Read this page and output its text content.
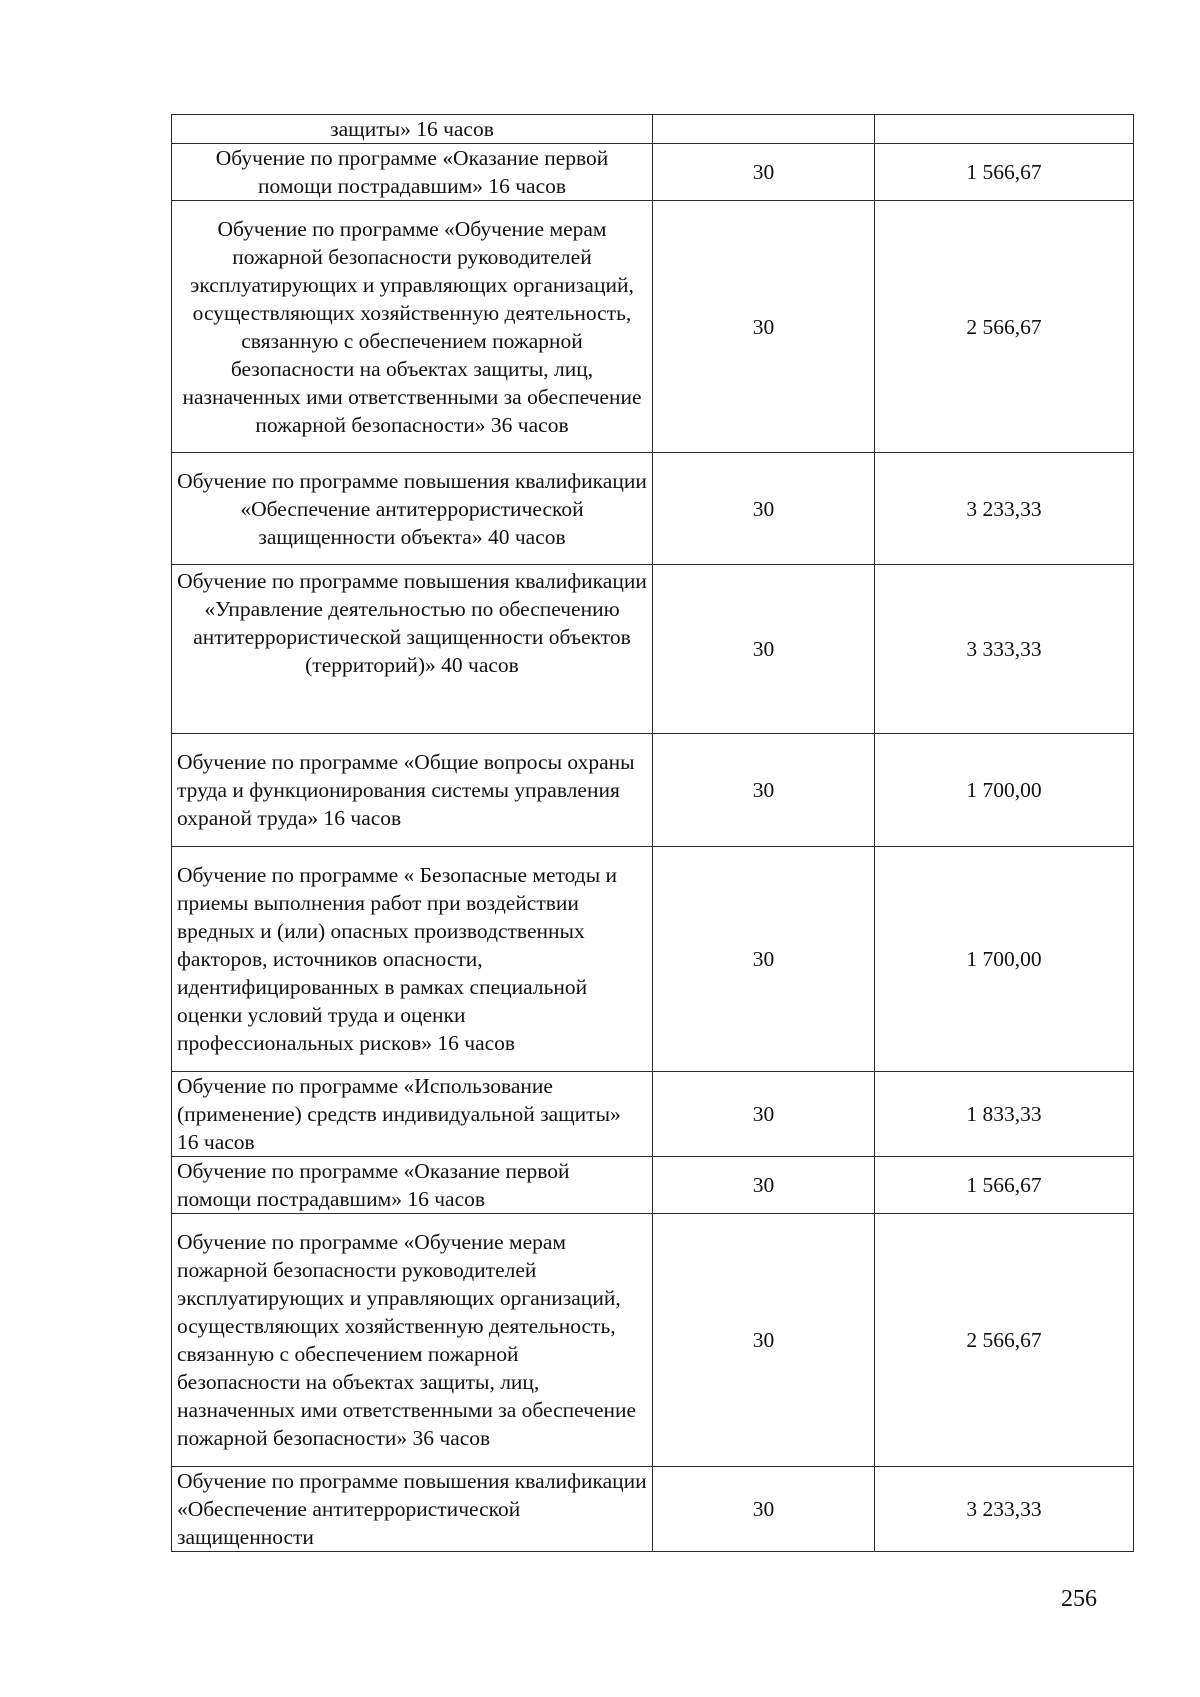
защиты» 16 часов		
Обучение по программе «Оказание первой помощи пострадавшим» 16 часов	30	1 566,67
Обучение по программе «Обучение мерам пожарной безопасности руководителей эксплуатирующих и управляющих организаций, осуществляющих хозяйственную деятельность, связанную с обеспечением пожарной безопасности на объектах защиты, лиц, назначенных ими ответственными за обеспечение пожарной безопасности» 36 часов	30	2 566,67
Обучение по программе повышения квалификации «Обеспечение антитеррористической защищенности объекта» 40 часов	30	3 233,33
Обучение по программе повышения квалификации «Управление деятельностью по обеспечению антитеррористической защищенности объектов (территорий)» 40 часов	30	3 333,33
Обучение по программе «Общие вопросы охраны труда и функционирования системы управления охраной труда» 16 часов	30	1 700,00
Обучение по программе « Безопасные методы и приемы выполнения работ при воздействии вредных и (или) опасных производственных факторов, источников опасности, идентифицированных в рамках специальной оценки условий труда и оценки профессиональных рисков» 16 часов	30	1 700,00
Обучение по программе «Использование (применение) средств индивидуальной защиты» 16 часов	30	1 833,33
Обучение по программе «Оказание первой помощи пострадавшим» 16 часов	30	1 566,67
Обучение по программе «Обучение мерам пожарной безопасности руководителей эксплуатирующих и управляющих организаций, осуществляющих хозяйственную деятельность, связанную с обеспечением пожарной безопасности на объектах защиты, лиц, назначенных ими ответственными за обеспечение пожарной безопасности» 36 часов	30	2 566,67
Обучение по программе повышения квалификации «Обеспечение антитеррористической защищенности	30	3 233,33
256
